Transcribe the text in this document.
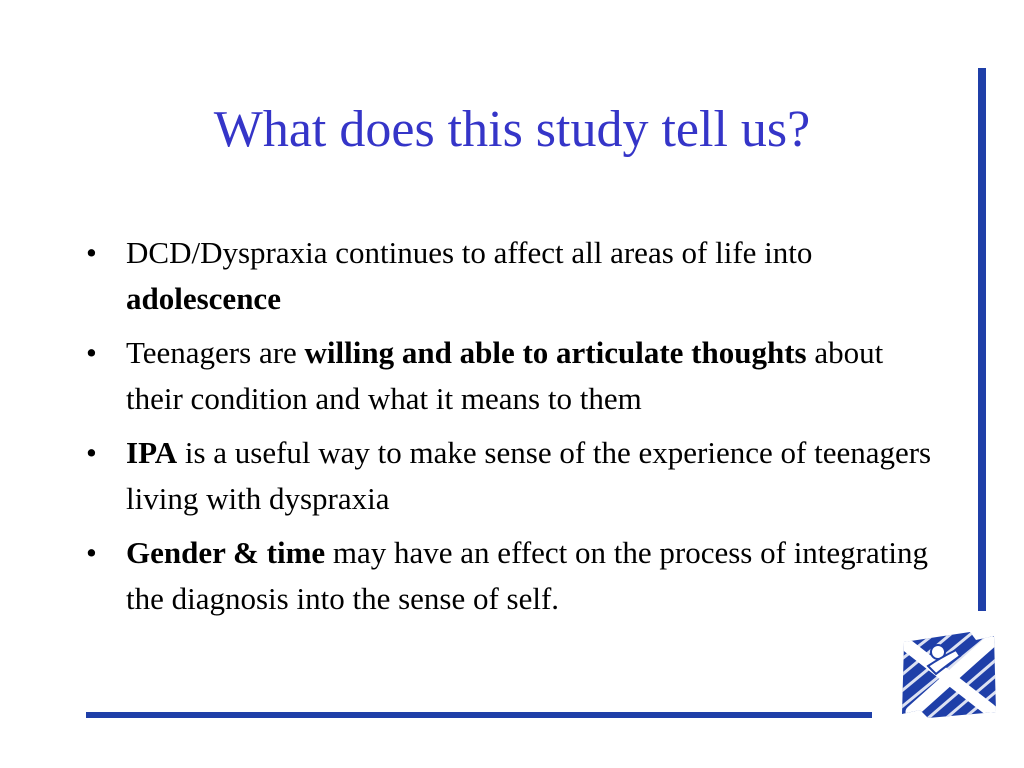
What does this study tell us?
• DCD/Dyspraxia continues to affect all areas of life into adolescence
• Teenagers are willing and able to articulate thoughts about their condition and what it means to them
• IPA is a useful way to make sense of the experience of teenagers living with dyspraxia
• Gender & time may have an effect on the process of integrating the diagnosis into the sense of self.
